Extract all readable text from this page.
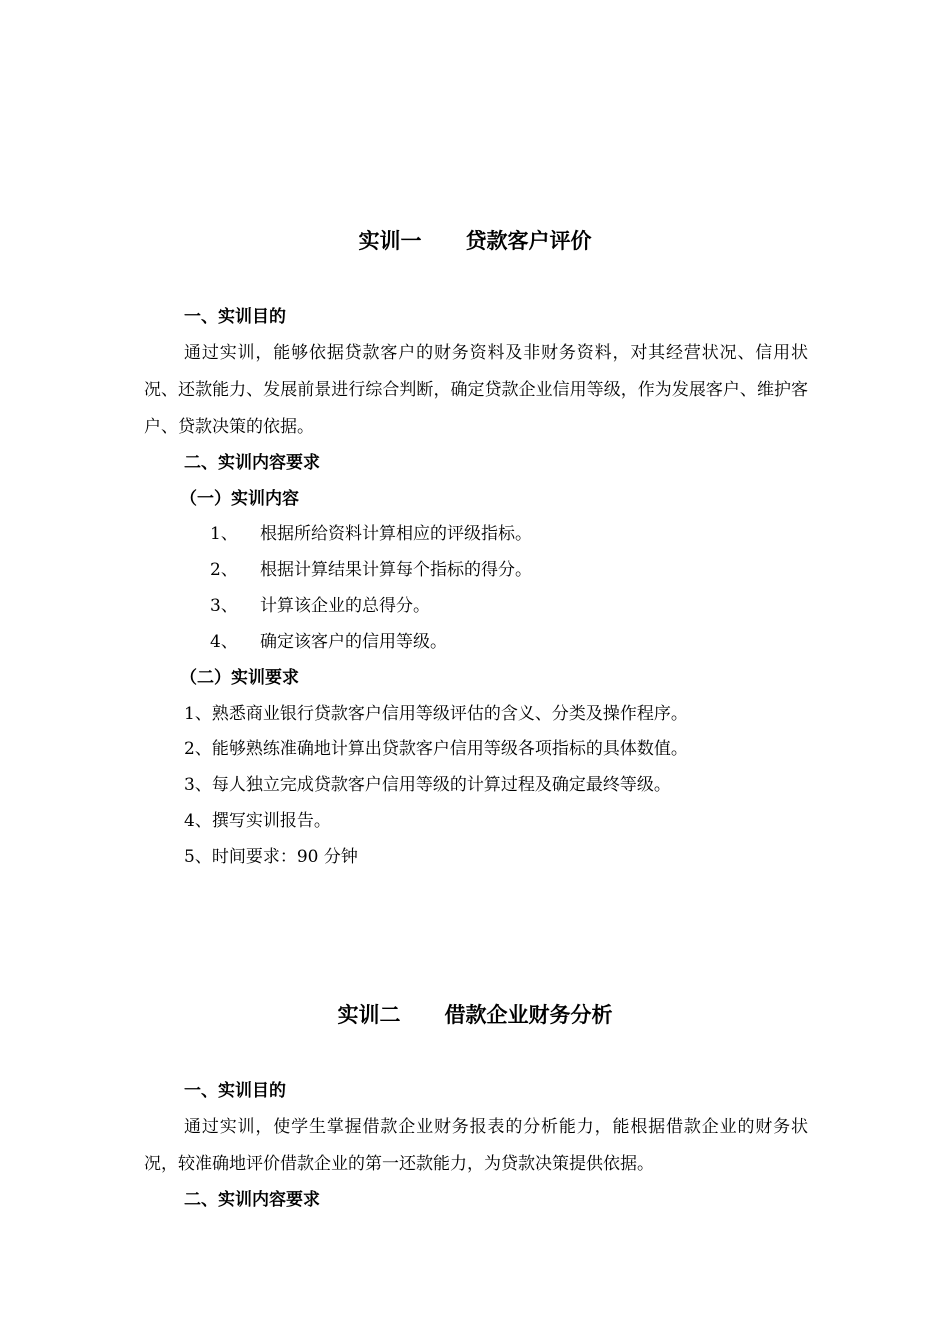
实训一 贷款客户评价
一、实训目的
通过实训，能够依据贷款客户的财务资料及非财务资料，对其经营状况、信用状况、还款能力、发展前景进行综合判断，确定贷款企业信用等级，作为发展客户、维护客户、贷款决策的依据。
二、实训内容要求
（一）实训内容
1、 根据所给资料计算相应的评级指标。
2、 根据计算结果计算每个指标的得分。
3、 计算该企业的总得分。
4、 确定该客户的信用等级。
（二）实训要求
1、熟悉商业银行贷款客户信用等级评估的含义、分类及操作程序。
2、能够熟练准确地计算出贷款客户信用等级各项指标的具体数值。
3、每人独立完成贷款客户信用等级的计算过程及确定最终等级。
4、撰写实训报告。
5、时间要求：90 分钟
实训二 借款企业财务分析
一、实训目的
通过实训，使学生掌握借款企业财务报表的分析能力，能根据借款企业的财务状况，较准确地评价借款企业的第一还款能力，为贷款决策提供依据。
二、实训内容要求
